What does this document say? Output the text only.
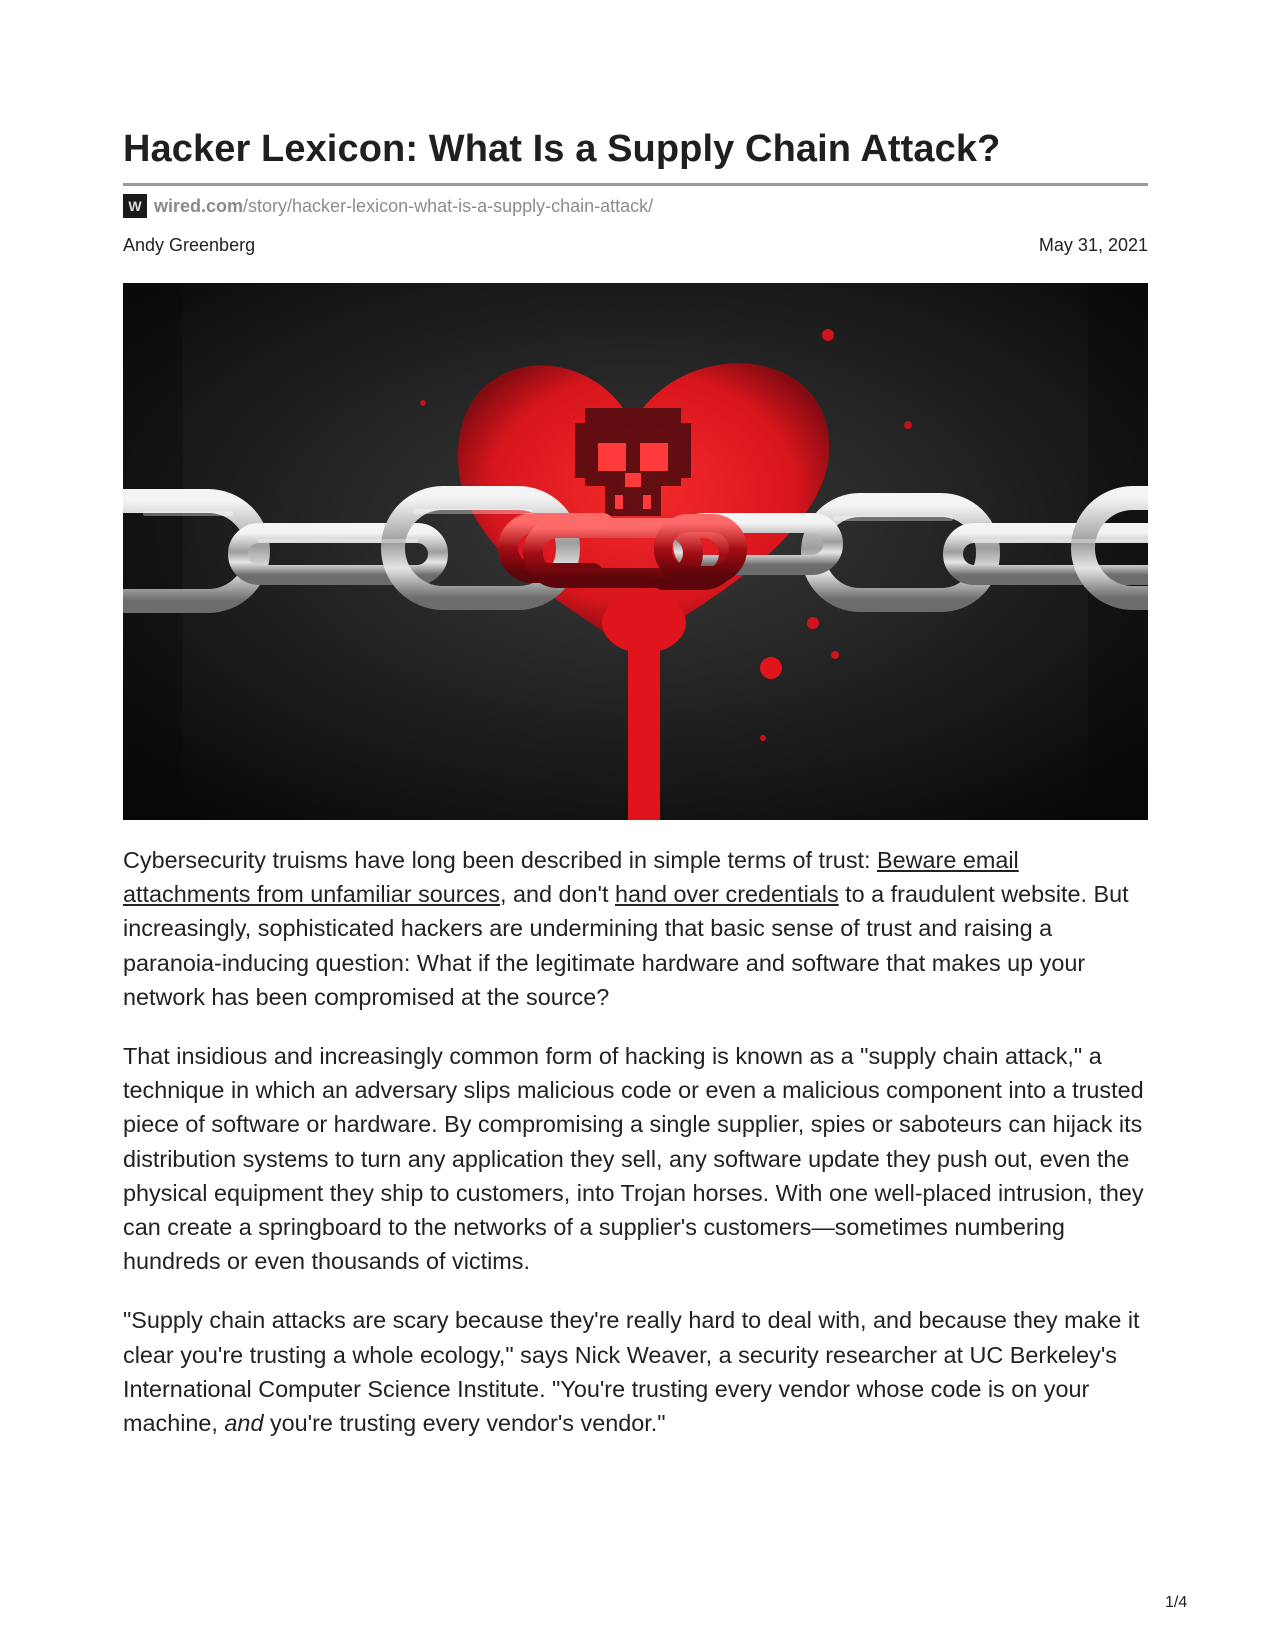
Hacker Lexicon: What Is a Supply Chain Attack?
W wired.com /story/hacker-lexicon-what-is-a-supply-chain-attack/
Andy Greenberg	May 31, 2021

Cybersecurity truisms have long been described in simple terms of trust: Beware email attachments from unfamiliar sources, and don't hand over credentials to a fraudulent website. But increasingly, sophisticated hackers are undermining that basic sense of trust and raising a paranoia-inducing question: What if the legitimate hardware and software that makes up your network has been compromised at the source?

That insidious and increasingly common form of hacking is known as a "supply chain attack," a technique in which an adversary slips malicious code or even a malicious component into a trusted piece of software or hardware. By compromising a single supplier, spies or saboteurs can hijack its distribution systems to turn any application they sell, any software update they push out, even the physical equipment they ship to customers, into Trojan horses. With one well-placed intrusion, they can create a springboard to the networks of a supplier's customers—sometimes numbering hundreds or even thousands of victims.

"Supply chain attacks are scary because they're really hard to deal with, and because they make it clear you're trusting a whole ecology," says Nick Weaver, a security researcher at UC Berkeley's International Computer Science Institute. "You're trusting every vendor whose code is on your machine, and you're trusting every vendor's vendor."

1/4
